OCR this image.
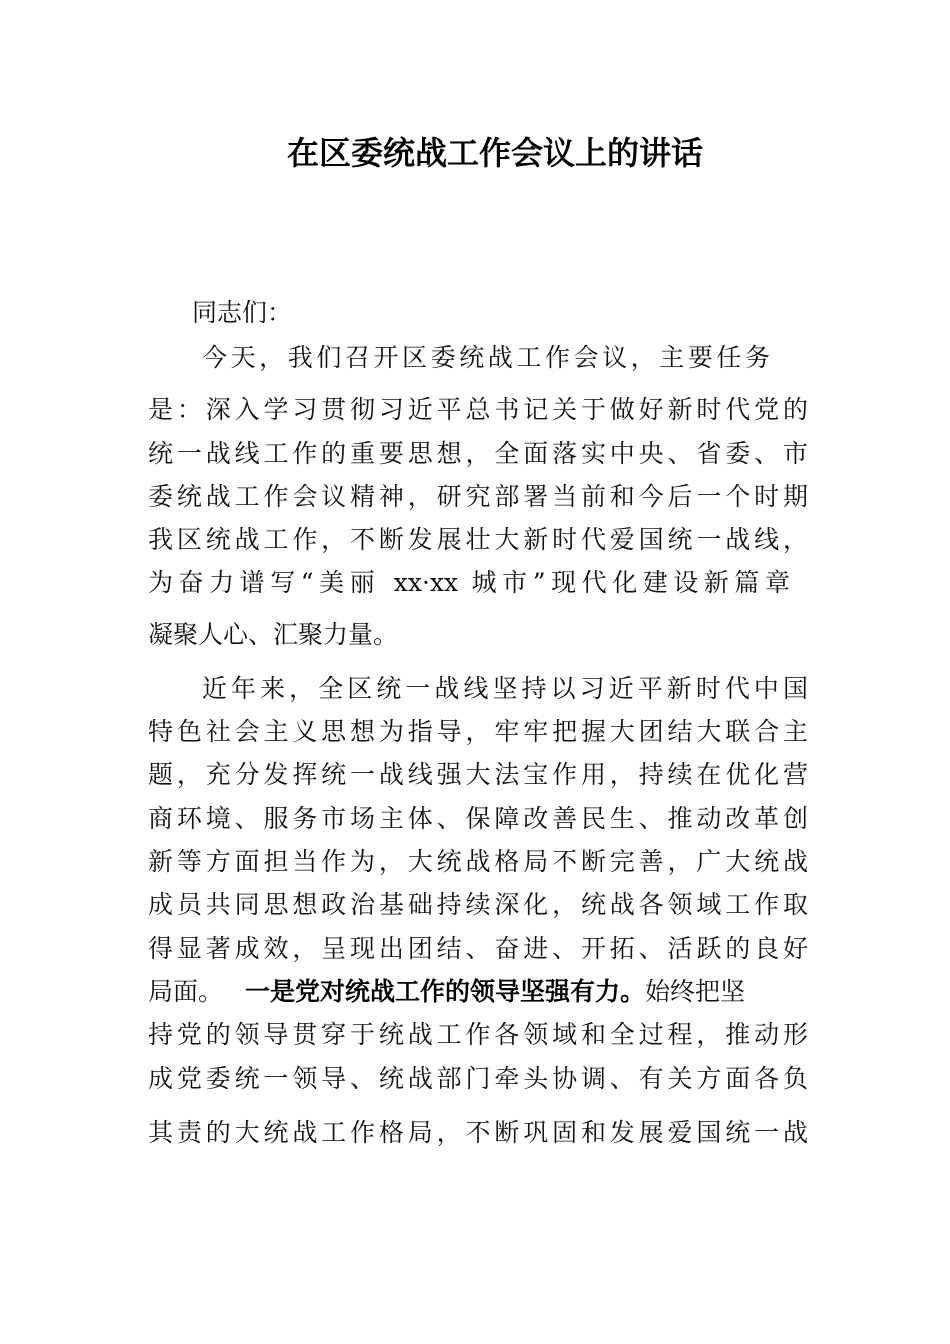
在区委统战工作会议上的讲话

同志们：

今天，我们召开区委统战工作会议，主要任务

是：深入学习贯彻习近平总书记关于做好新时代党的

统一战线工作的重要思想，全面落实中央、省委、市

委统战工作会议精神，研究部署当前和今后一个时期

我区统战工作，不断发展壮大新时代爱国统一战线，

为奋力谱写“美丽 xx·xx 城市”现代化建设新篇章

凝聚人心、汇聚力量。

近年来，全区统一战线坚持以习近平新时代中国

特色社会主义思想为指导，牢牢把握大团结大联合主

题，充分发挥统一战线强大法宝作用，持续在优化营

商环境、服务市场主体、保障改善民生、推动改革创

新等方面担当作为，大统战格局不断完善，广大统战

成员共同思想政治基础持续深化，统战各领域工作取

得显著成效，呈现出团结、奋进、开拓、活跃的良好

局面。 一是党对统战工作的领导坚强有力。始终把坚

持党的领导贯穿于统战工作各领域和全过程，推动形

成党委统一领导、统战部门牵头协调、有关方面各负

其责的大统战工作格局，不断巩固和发展爱国统一战
